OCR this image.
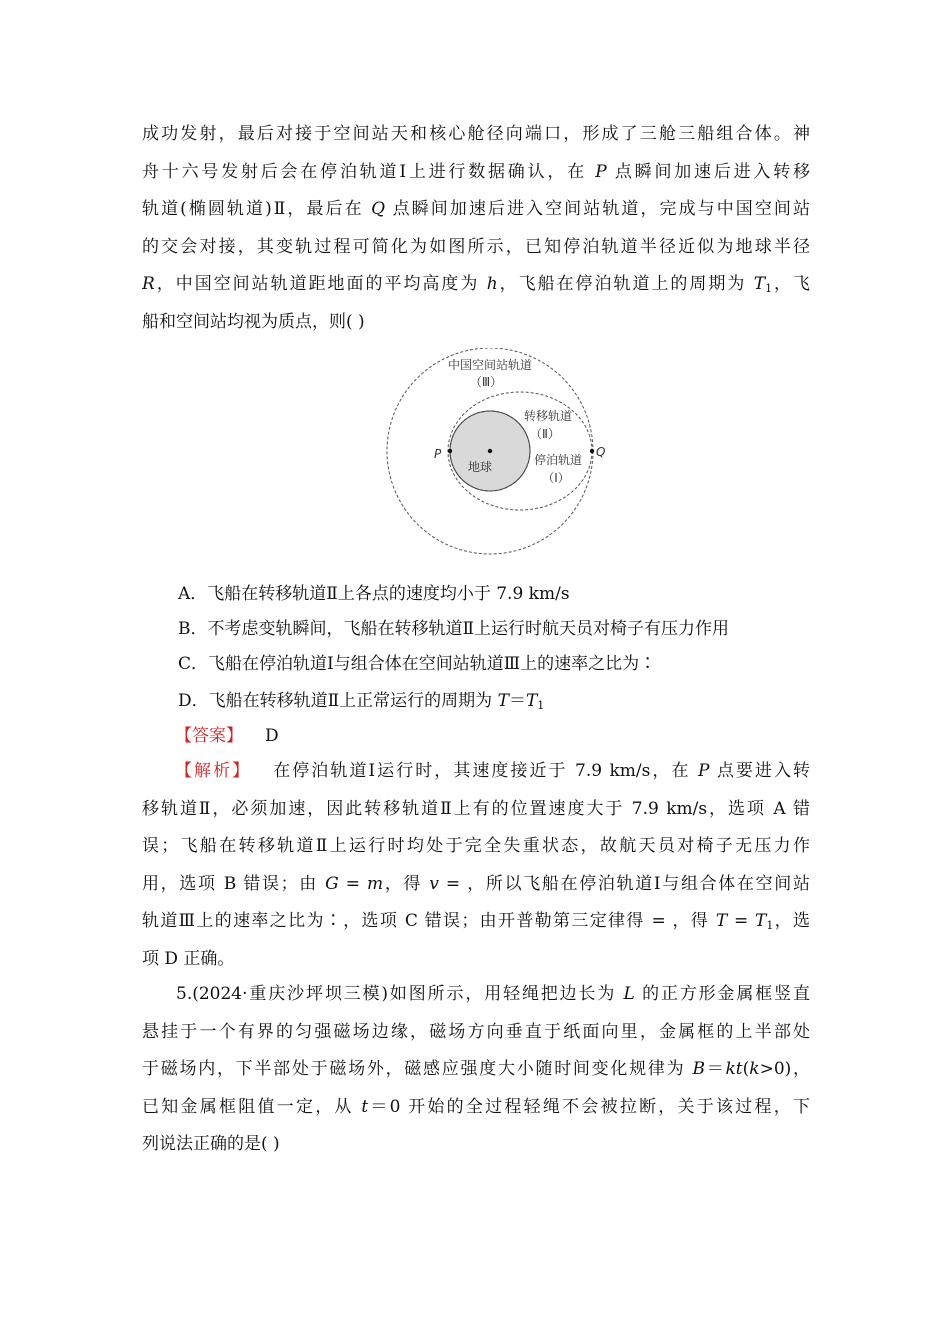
成功发射，最后对接于空间站天和核心舱径向端口，形成了三舱三船组合体。神
舟十六号发射后会在停泊轨道Ⅰ上进行数据确认，在 P 点瞬间加速后进入转移
轨道(椭圆轨道)Ⅱ，最后在 Q 点瞬间加速后进入空间站轨道，完成与中国空间站
的交会对接，其变轨过程可简化为如图所示，已知停泊轨道半径近似为地球半径
R，中国空间站轨道距地面的平均高度为 h，飞船在停泊轨道上的周期为 $T_1$，飞
船和空间站均视为质点，则( )
中国空间站轨道
（Ⅲ）
转移轨道
（Ⅱ）
停泊轨道
（Ⅰ）
地球
P	Q
A．飞船在转移轨道Ⅱ上各点的速度均小于 7.9 km/s
B．不考虑变轨瞬间，飞船在转移轨道Ⅱ上运行时航天员对椅子有压力作用
C．飞船在停泊轨道Ⅰ与组合体在空间站轨道Ⅲ上的速率之比为∶
D．飞船在转移轨道Ⅱ上正常运行的周期为 $T=T_1$
【答案】 D
【解析】 在停泊轨道Ⅰ运行时，其速度接近于 7.9 km/s，在 P 点要进入转
移轨道Ⅱ，必须加速，因此转移轨道Ⅱ上有的位置速度大于 7.9 km/s，选项 A 错
误；飞船在转移轨道Ⅱ上运行时均处于完全失重状态，故航天员对椅子无压力作
用，选项 B 错误；由 G = m，得 v = ，所以飞船在停泊轨道Ⅰ与组合体在空间站
轨道Ⅲ上的速率之比为∶，选项 C 错误；由开普勒第三定律得 = ，得 $T = T_1$，选
项 D 正确。
5.(2024·重庆沙坪坝三模)如图所示，用轻绳把边长为 L 的正方形金属框竖直
悬挂于一个有界的匀强磁场边缘，磁场方向垂直于纸面向里，金属框的上半部处
于磁场内，下半部处于磁场外，磁感应强度大小随时间变化规律为 B＝kt(k>0)，
已知金属框阻值一定，从 t＝0 开始的全过程轻绳不会被拉断，关于该过程，下
列说法正确的是( )
